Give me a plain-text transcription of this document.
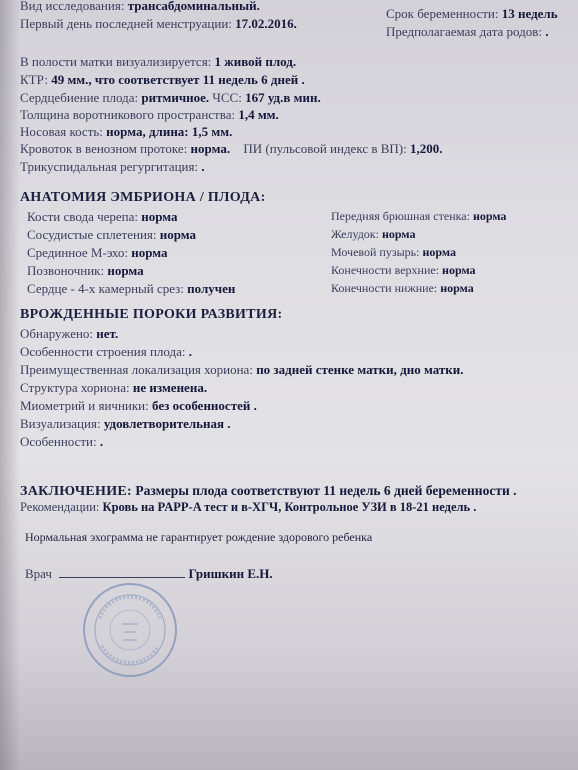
Вид исследования: трансабдоминальный.
Первый день последней менструации: 17.02.2016.
Срок беременности: 13 недель
Предполагаемая дата родов: .
В полости матки визуализируется: 1 живой плод.
КТР: 49 мм., что соответствует 11 недель 6 дней .
Сердцебиение плода: ритмичное. ЧСС: 167 уд.в мин.
Толщина воротникового пространства: 1,4 мм.
Носовая кость: норма, длина: 1,5 мм.
Кровоток в венозном протоке: норма. ПИ (пульсовой индекс в ВП): 1,200.
Трикуспидальная регургитация: .
АНАТОМИЯ ЭМБРИОНА / ПЛОДА:
Кости свода черепа: норма
Сосудистые сплетения: норма
Срединное М-эхо: норма
Позвоночник: норма
Сердце - 4-х камерный срез: получен
Передняя брюшная стенка: норма
Желудок: норма
Мочевой пузырь: норма
Конечности верхние: норма
Конечности нижние: норма
ВРОЖДЕННЫЕ ПОРОКИ РАЗВИТИЯ:
Обнаружено: нет.
Особенности строения плода: .
Преимущественная локализация хориона: по задней стенке матки, дно матки.
Структура хориона: не изменена.
Миометрий и яичники: без особенностей .
Визуализация: удовлетворительная .
Особенности: .
ЗАКЛЮЧЕНИЕ: Размеры плода соответствуют 11 недель 6 дней беременности .
Рекомендации: Кровь на PAPP-A тест и в-ХГЧ, Контрольное УЗИ в 18-21 недель .
Нормальная эхограмма не гарантирует рождение здорового ребенка
Врач	Гришкин Е.Н.
